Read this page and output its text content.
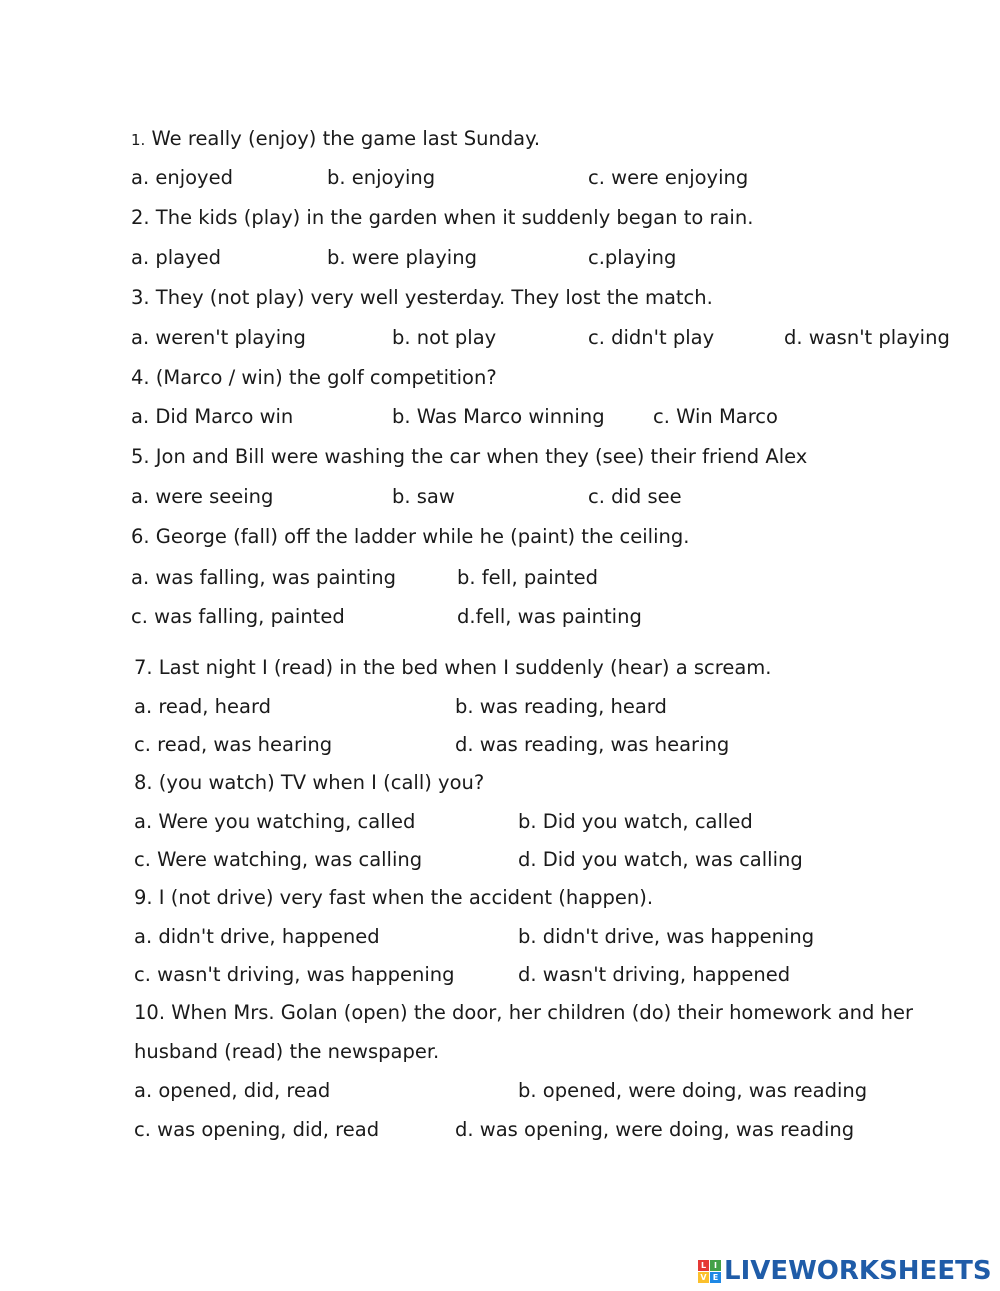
1. We really (enjoy) the game last Sunday.
a. enjoyed	b. enjoying	c. were enjoying
2. The kids (play) in the garden when it suddenly began to rain.
a. played	b. were playing	c.playing
3. They (not play) very well yesterday. They lost the match.
a. weren't playing	b. not play	c. didn't play	d. wasn't playing
4. (Marco / win) the golf competition?
a. Did Marco win	b. Was Marco winning c. Win Marco
5. Jon and Bill were washing the car when they (see) their friend Alex
a. were seeing	b. saw	c. did see
6. George (fall) off the ladder while he (paint) the ceiling.
a. was falling, was painting	b. fell, painted
c. was falling, painted	d.fell, was painting
7. Last night I (read) in the bed when I suddenly (hear) a scream.
a. read, heard	b. was reading, heard
c. read, was hearing	d. was reading, was hearing
8. (you watch) TV when I (call) you?
a. Were you watching, called	b. Did you watch, called
c. Were watching, was calling	d. Did you watch, was calling
9. I (not drive) very fast when the accident (happen).
a. didn't drive, happened	b. didn't drive, was happening
c. wasn't driving, was happening	d. wasn't driving, happened
10. When Mrs. Golan (open) the door, her children (do) their homework and her
husband (read) the newspaper.
a. opened, did, read	b. opened, were doing, was reading
c. was opening, did, read	d. was opening, were doing, was reading
L I
V E LIVEWORKSHEETS
